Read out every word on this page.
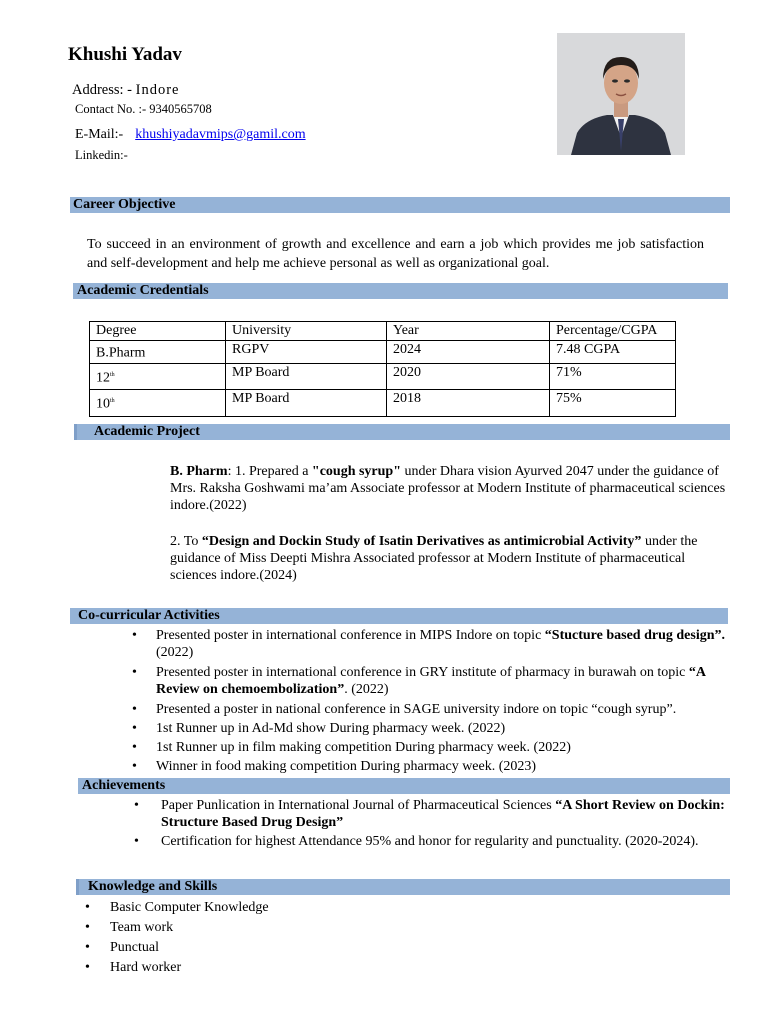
Khushi Yadav
Address: - Indore
Contact No. :- 9340565708
E-Mail:- khushiyadavmips@gamil.com
Linkedin:-
Career Objective
To succeed in an environment of growth and excellence and earn a job which provides me job satisfaction and self-development and help me achieve personal as well as organizational goal.
Academic Credentials
Degree	University	Year	Percentage/CGPA
B.Pharm	RGPV	2024	7.48 CGPA
12th	MP Board	2020	71%
10th	MP Board	2018	75%
Academic Project
B. Pharm: 1. Prepared a "cough syrup" under Dhara vision Ayurved 2047 under the guidance of Mrs. Raksha Goshwami ma’am Associate professor at Modern Institute of pharmaceutical sciences indore.(2022)
2. To “Design and Dockin Study of Isatin Derivatives as antimicrobial Activity” under the guidance of Miss Deepti Mishra Associated professor at Modern Institute of pharmaceutical sciences indore.(2024)
Co-curricular Activities
• Presented poster in international conference in MIPS Indore on topic “Stucture based drug design”. (2022)
• Presented poster in international conference in GRY institute of pharmacy in burawah on topic “A Review on chemoembolization”. (2022)
• Presented a poster in national conference in SAGE university indore on topic “cough syrup”.
• 1st Runner up in Ad-Md show During pharmacy week. (2022)
• 1st Runner up in film making competition During pharmacy week. (2022)
• Winner in food making competition During pharmacy week. (2023)
Achievements
• Paper Punlication in International Journal of Pharmaceutical Sciences “A Short Review on Dockin: Structure Based Drug Design”
• Certification for highest Attendance 95% and honor for regularity and punctuality. (2020-2024).
Knowledge and Skills
• Basic Computer Knowledge
• Team work
• Punctual
• Hard worker
